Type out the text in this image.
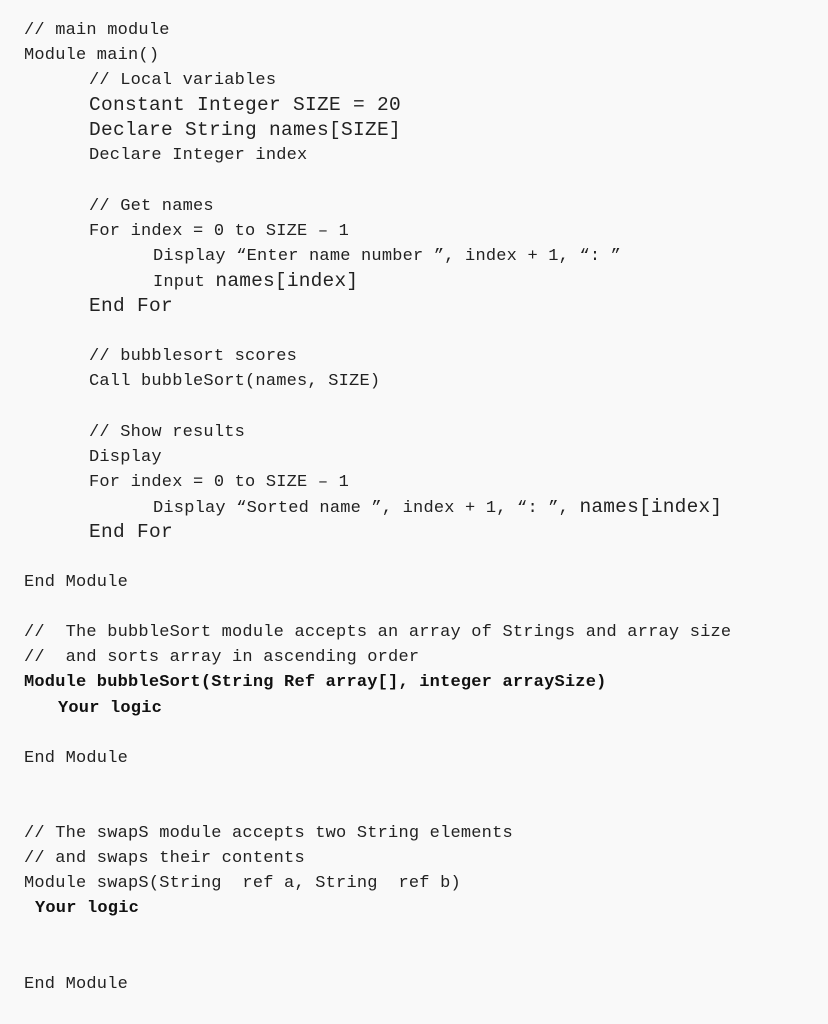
// main module
Module main()
// Local variables
Constant Integer SIZE = 20
Declare String names[SIZE]
Declare Integer index
// Get names
For index = 0 to SIZE – 1
Display “Enter name number ”, index + 1, “: ”
Input names[index]
End For
// bubblesort scores
Call bubbleSort(names, SIZE)
// Show results
Display
For index = 0 to SIZE – 1
Display “Sorted name ”, index + 1, “: ”, names[index]
End For
End Module
//  The bubbleSort module accepts an array of Strings and array size
//  and sorts array in ascending order
Module bubbleSort(String Ref array[], integer arraySize)
Your logic
End Module
// The swapS module accepts two String elements
// and swaps their contents
Module swapS(String  ref a, String  ref b)
Your logic
End Module
